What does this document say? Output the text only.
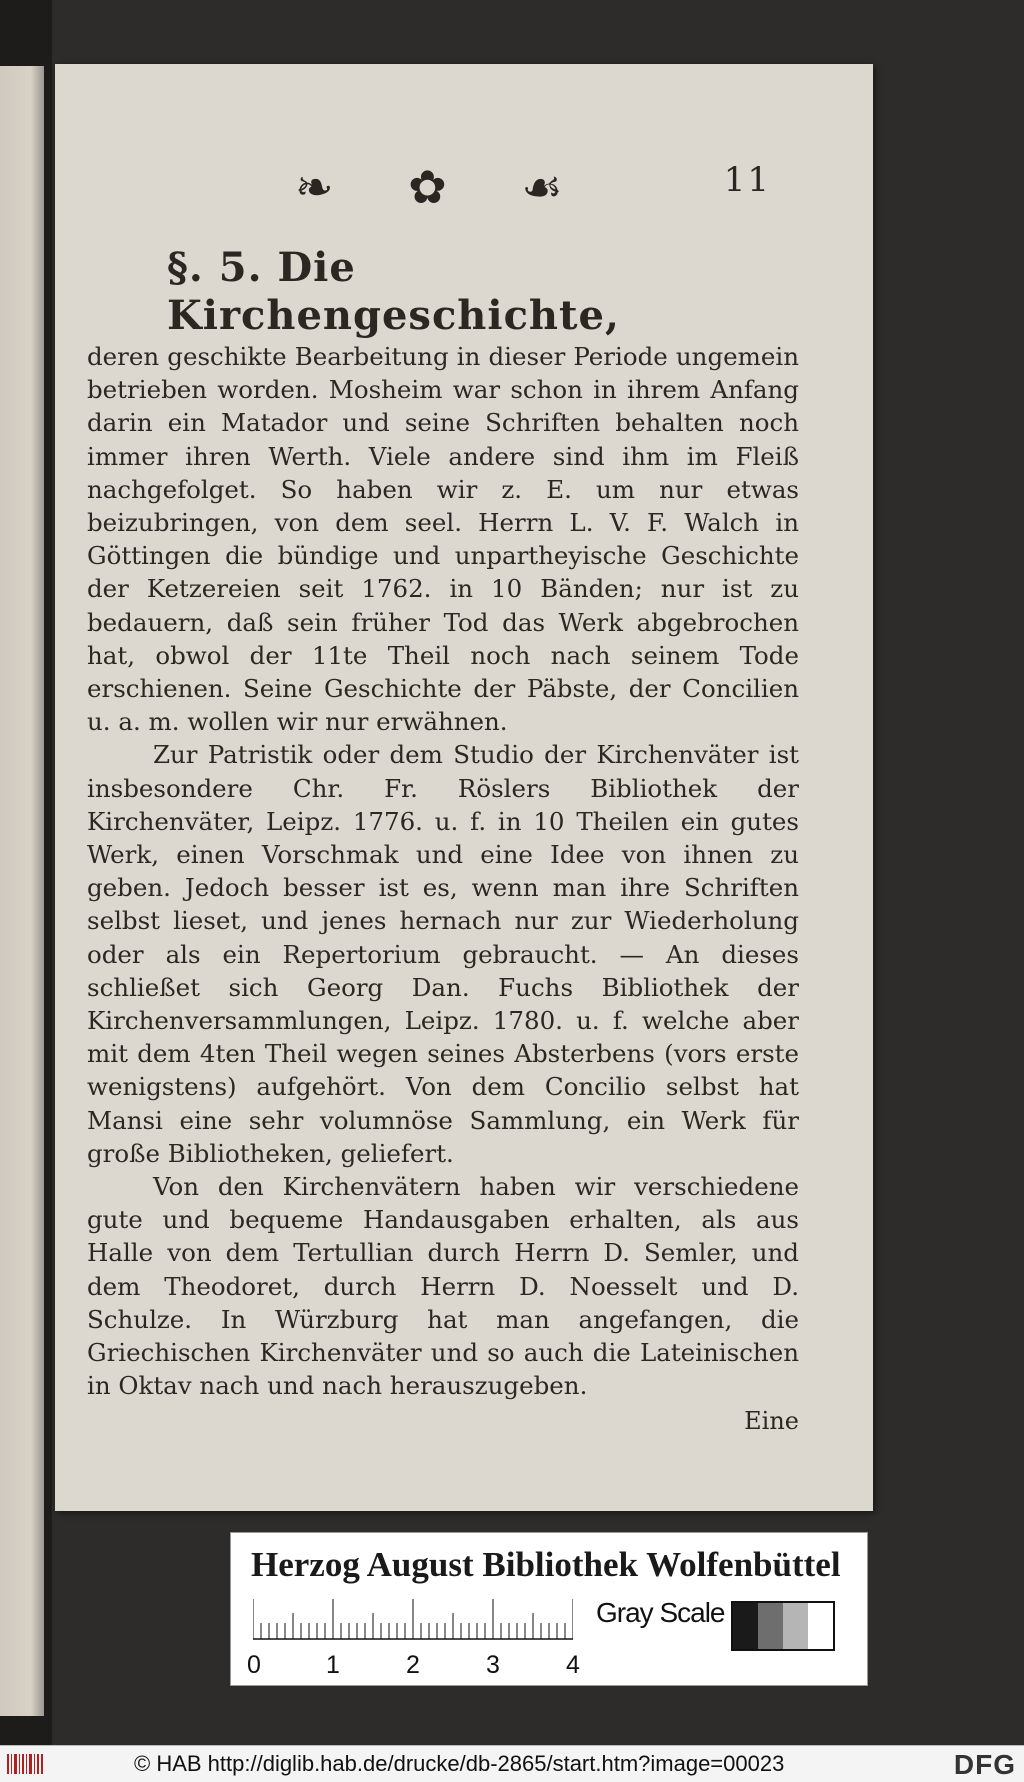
❧ ✿ ☙	11
§. 5. Die Kirchengeschichte,

deren geschikte Bearbeitung in dieser Periode ungemein betrieben worden. Mosheim war schon in ihrem Anfang darin ein Matador und seine Schriften behalten noch immer ihren Werth. Viele andere sind ihm im Fleiß nachgefolget. So haben wir z. E. um nur etwas beizubringen, von dem seel. Herrn L. V. F. Walch in Göttingen die bündige und unpartheyische Geschichte der Ketzereien seit 1762. in 10 Bänden; nur ist zu bedauern, daß sein früher Tod das Werk abgebrochen hat, obwol der 11te Theil noch nach seinem Tode erschienen. Seine Geschichte der Päbste, der Concilien u. a. m. wollen wir nur erwähnen.

Zur Patristik oder dem Studio der Kirchenväter ist insbesondere Chr. Fr. Röslers Bibliothek der Kirchenväter, Leipz. 1776. u. f. in 10 Theilen ein gutes Werk, einen Vorschmak und eine Idee von ihnen zu geben. Jedoch besser ist es, wenn man ihre Schriften selbst lieset, und jenes hernach nur zur Wiederholung oder als ein Repertorium gebraucht. — An dieses schließet sich Georg Dan. Fuchs Bibliothek der Kirchenversammlungen, Leipz. 1780. u. f. welche aber mit dem 4ten Theil wegen seines Absterbens (vors erste wenigstens) aufgehört. Von dem Concilio selbst hat Mansi eine sehr volumnöse Sammlung, ein Werk für große Bibliotheken, geliefert.

Von den Kirchenvätern haben wir verschiedene gute und bequeme Handausgaben erhalten, als aus Halle von dem Tertullian durch Herrn D. Semler, und dem Theodoret, durch Herrn D. Noesselt und D. Schulze. In Würzburg hat man angefangen, die Griechischen Kirchenväter und so auch die Lateinischen in Oktav nach und nach herauszugeben.

Eine
Herzog August Bibliothek Wolfenbüttel
0	1	2	3	4
Gray Scale
© HAB http://diglib.hab.de/drucke/db-2865/start.htm?image=00023	DFG
